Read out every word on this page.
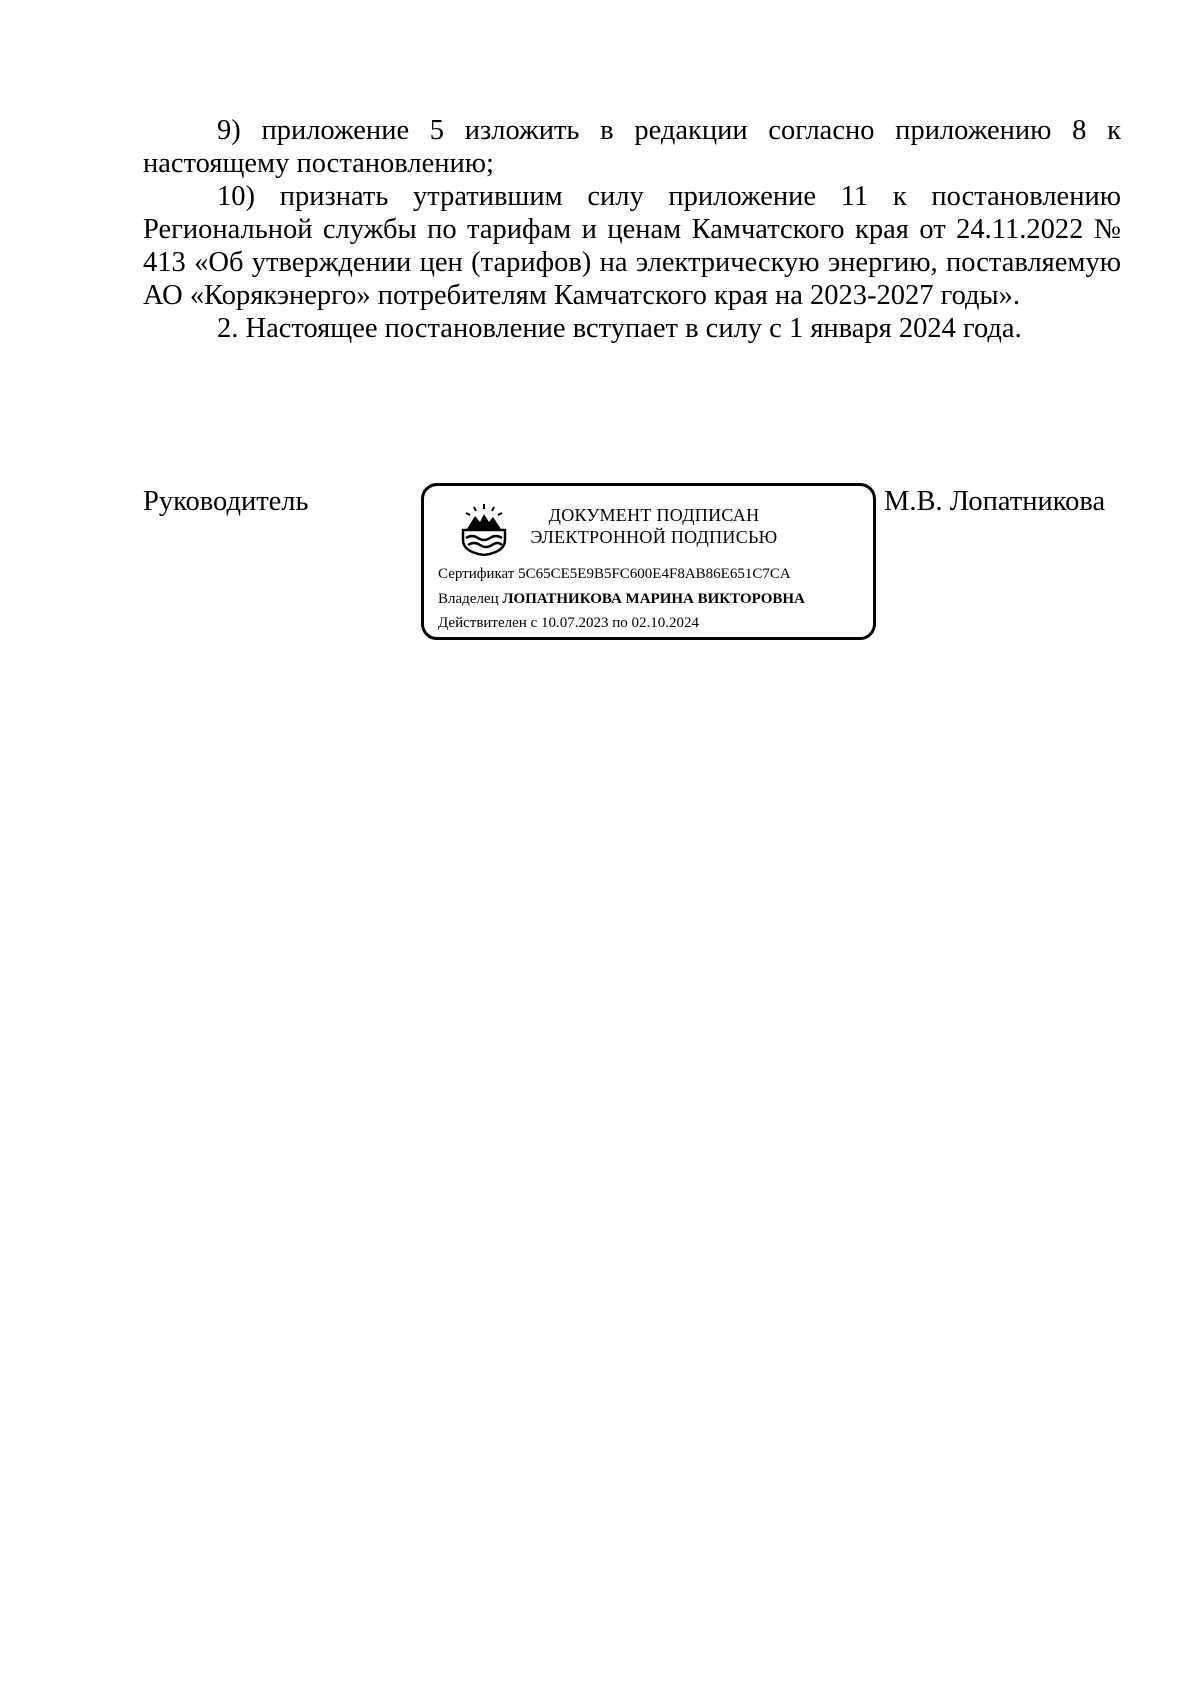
9) приложение 5 изложить в редакции согласно приложению 8 к настоящему постановлению;

10) признать утратившим силу приложение 11 к постановлению Региональной службы по тарифам и ценам Камчатского края от 24.11.2022 № 413 «Об утверждении цен (тарифов) на электрическую энергию, поставляемую АО «Корякэнерго» потребителям Камчатского края на 2023-2027 годы».

2. Настоящее постановление вступает в силу с 1 января 2024 года.

Руководитель	ДОКУМЕНТ ПОДПИСАН
ЭЛЕКТРОННОЙ ПОДПИСЬЮ
Сертификат 5C65CE5E9B5FC600E4F8AB86E651C7CA
Владелец ЛОПАТНИКОВА МАРИНА ВИКТОРОВНА
Действителен с 10.07.2023 по 02.10.2024
М.В. Лопатникова
